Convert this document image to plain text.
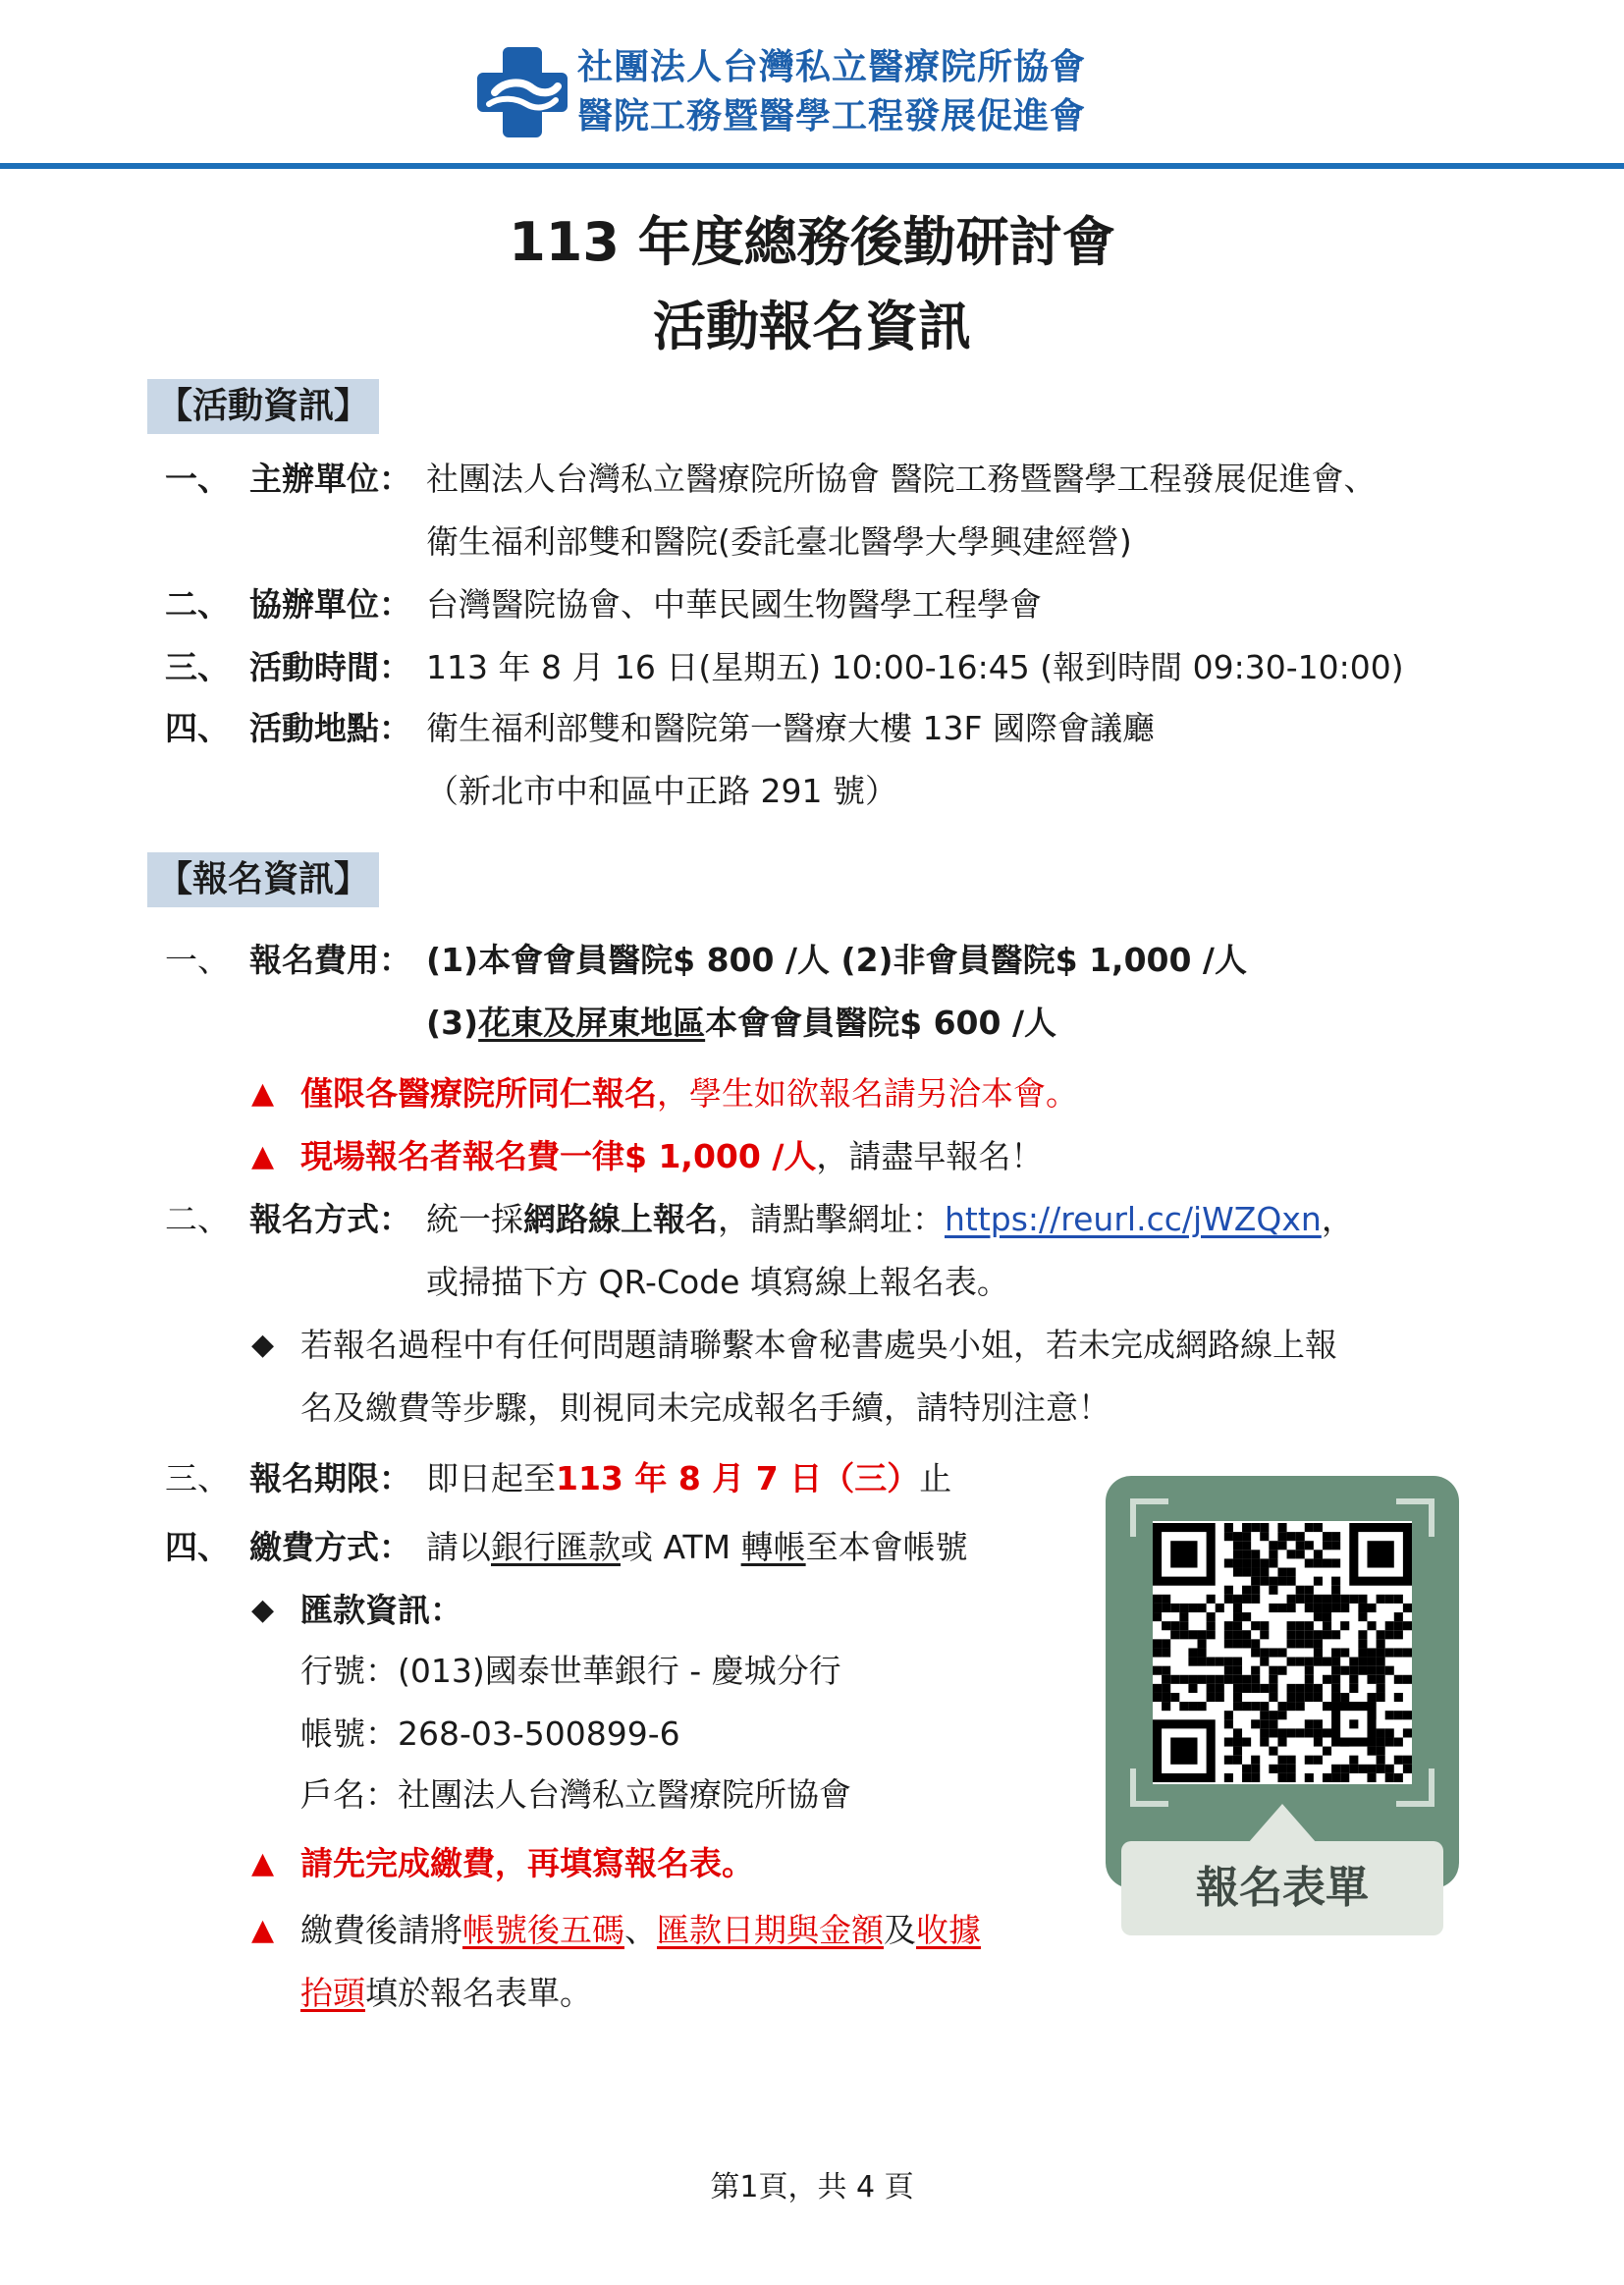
社團法人台灣私立醫療院所協會
醫院工務暨醫學工程發展促進會
113 年度總務後勤研討會
活動報名資訊
【活動資訊】
一、 主辦單位： 社團法人台灣私立醫療院所協會 醫院工務暨醫學工程發展促進會、
衛生福利部雙和醫院(委託臺北醫學大學興建經營)
二、 協辦單位： 台灣醫院協會、中華民國生物醫學工程學會
三、 活動時間： 113 年 8 月 16 日(星期五) 10:00-16:45 (報到時間 09:30-10:00)
四、 活動地點： 衛生福利部雙和醫院第一醫療大樓 13F 國際會議廳
（新北市中和區中正路 291 號）
【報名資訊】
一、 報名費用： (1)本會會員醫院$ 800 /人 (2)非會員醫院$ 1,000 /人
(3)花東及屏東地區本會會員醫院$ 600 /人
▲ 僅限各醫療院所同仁報名，學生如欲報名請另洽本會。
▲ 現場報名者報名費一律$ 1,000 /人，請盡早報名！
二、 報名方式： 統一採網路線上報名，請點擊網址：https://reurl.cc/jWZQxn，
或掃描下方 QR-Code 填寫線上報名表。
◆ 若報名過程中有任何問題請聯繫本會秘書處吳小姐，若未完成網路線上報
名及繳費等步驟，則視同未完成報名手續，請特別注意！
三、 報名期限： 即日起至113 年 8 月 7 日（三）止
四、 繳費方式： 請以銀行匯款或 ATM 轉帳至本會帳號
◆ 匯款資訊：
行號：(013)國泰世華銀行 - 慶城分行
帳號：268-03-500899-6
戶名：社團法人台灣私立醫療院所協會
▲ 請先完成繳費，再填寫報名表。
▲ 繳費後請將帳號後五碼、匯款日期與金額及收據
抬頭填於報名表單。
報名表單
第1頁，共 4 頁
